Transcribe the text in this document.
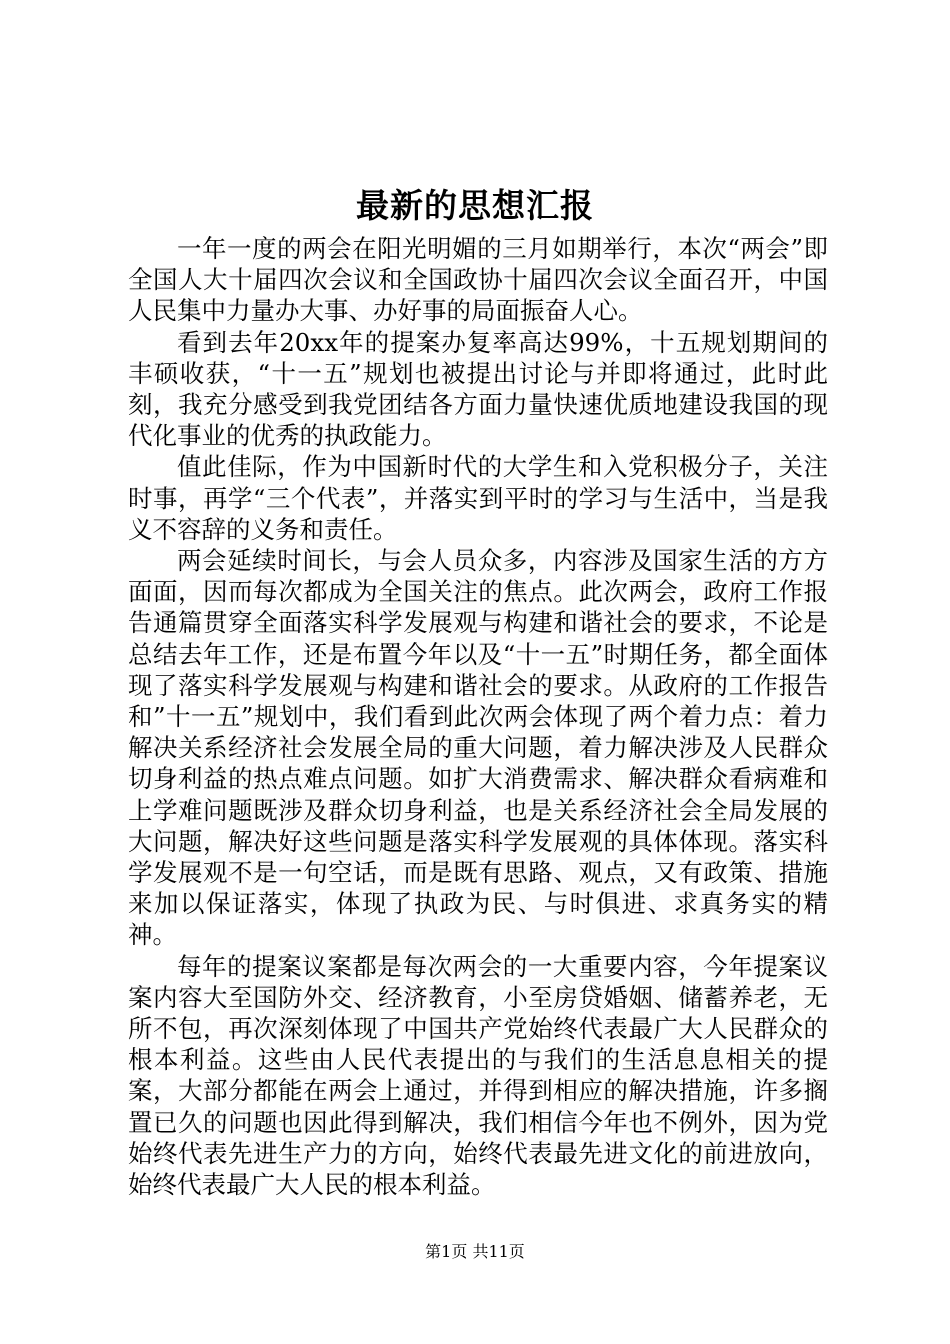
最新的思想汇报

一年一度的两会在阳光明媚的三月如期举行，本次“两会”即全国人大十届四次会议和全国政协十届四次会议全面召开，中国人民集中力量办大事、办好事的局面振奋人心。

看到去年20xx年的提案办复率高达99%，十五规划期间的丰硕收获，“十一五”规划也被提出讨论与并即将通过，此时此刻，我充分感受到我党团结各方面力量快速优质地建设我国的现代化事业的优秀的执政能力。

值此佳际，作为中国新时代的大学生和入党积极分子，关注时事，再学“三个代表”，并落实到平时的学习与生活中，当是我义不容辞的义务和责任。

两会延续时间长，与会人员众多，内容涉及国家生活的方方面面，因而每次都成为全国关注的焦点。此次两会，政府工作报告通篇贯穿全面落实科学发展观与构建和谐社会的要求，不论是总结去年工作，还是布置今年以及“十一五”时期任务，都全面体现了落实科学发展观与构建和谐社会的要求。从政府的工作报告和”十一五”规划中，我们看到此次两会体现了两个着力点：着力解决关系经济社会发展全局的重大问题，着力解决涉及人民群众切身利益的热点难点问题。如扩大消费需求、解决群众看病难和上学难问题既涉及群众切身利益，也是关系经济社会全局发展的大问题，解决好这些问题是落实科学发展观的具体体现。落实科学发展观不是一句空话，而是既有思路、观点，又有政策、措施来加以保证落实，体现了执政为民、与时俱进、求真务实的精神。

每年的提案议案都是每次两会的一大重要内容，今年提案议案内容大至国防外交、经济教育，小至房贷婚姻、储蓄养老，无所不包，再次深刻体现了中国共产党始终代表最广大人民群众的根本利益。这些由人民代表提出的与我们的生活息息相关的提案，大部分都能在两会上通过，并得到相应的解决措施，许多搁置已久的问题也因此得到解决，我们相信今年也不例外，因为党始终代表先进生产力的方向，始终代表最先进文化的前进放向，始终代表最广大人民的根本利益。

第1页 共11页
